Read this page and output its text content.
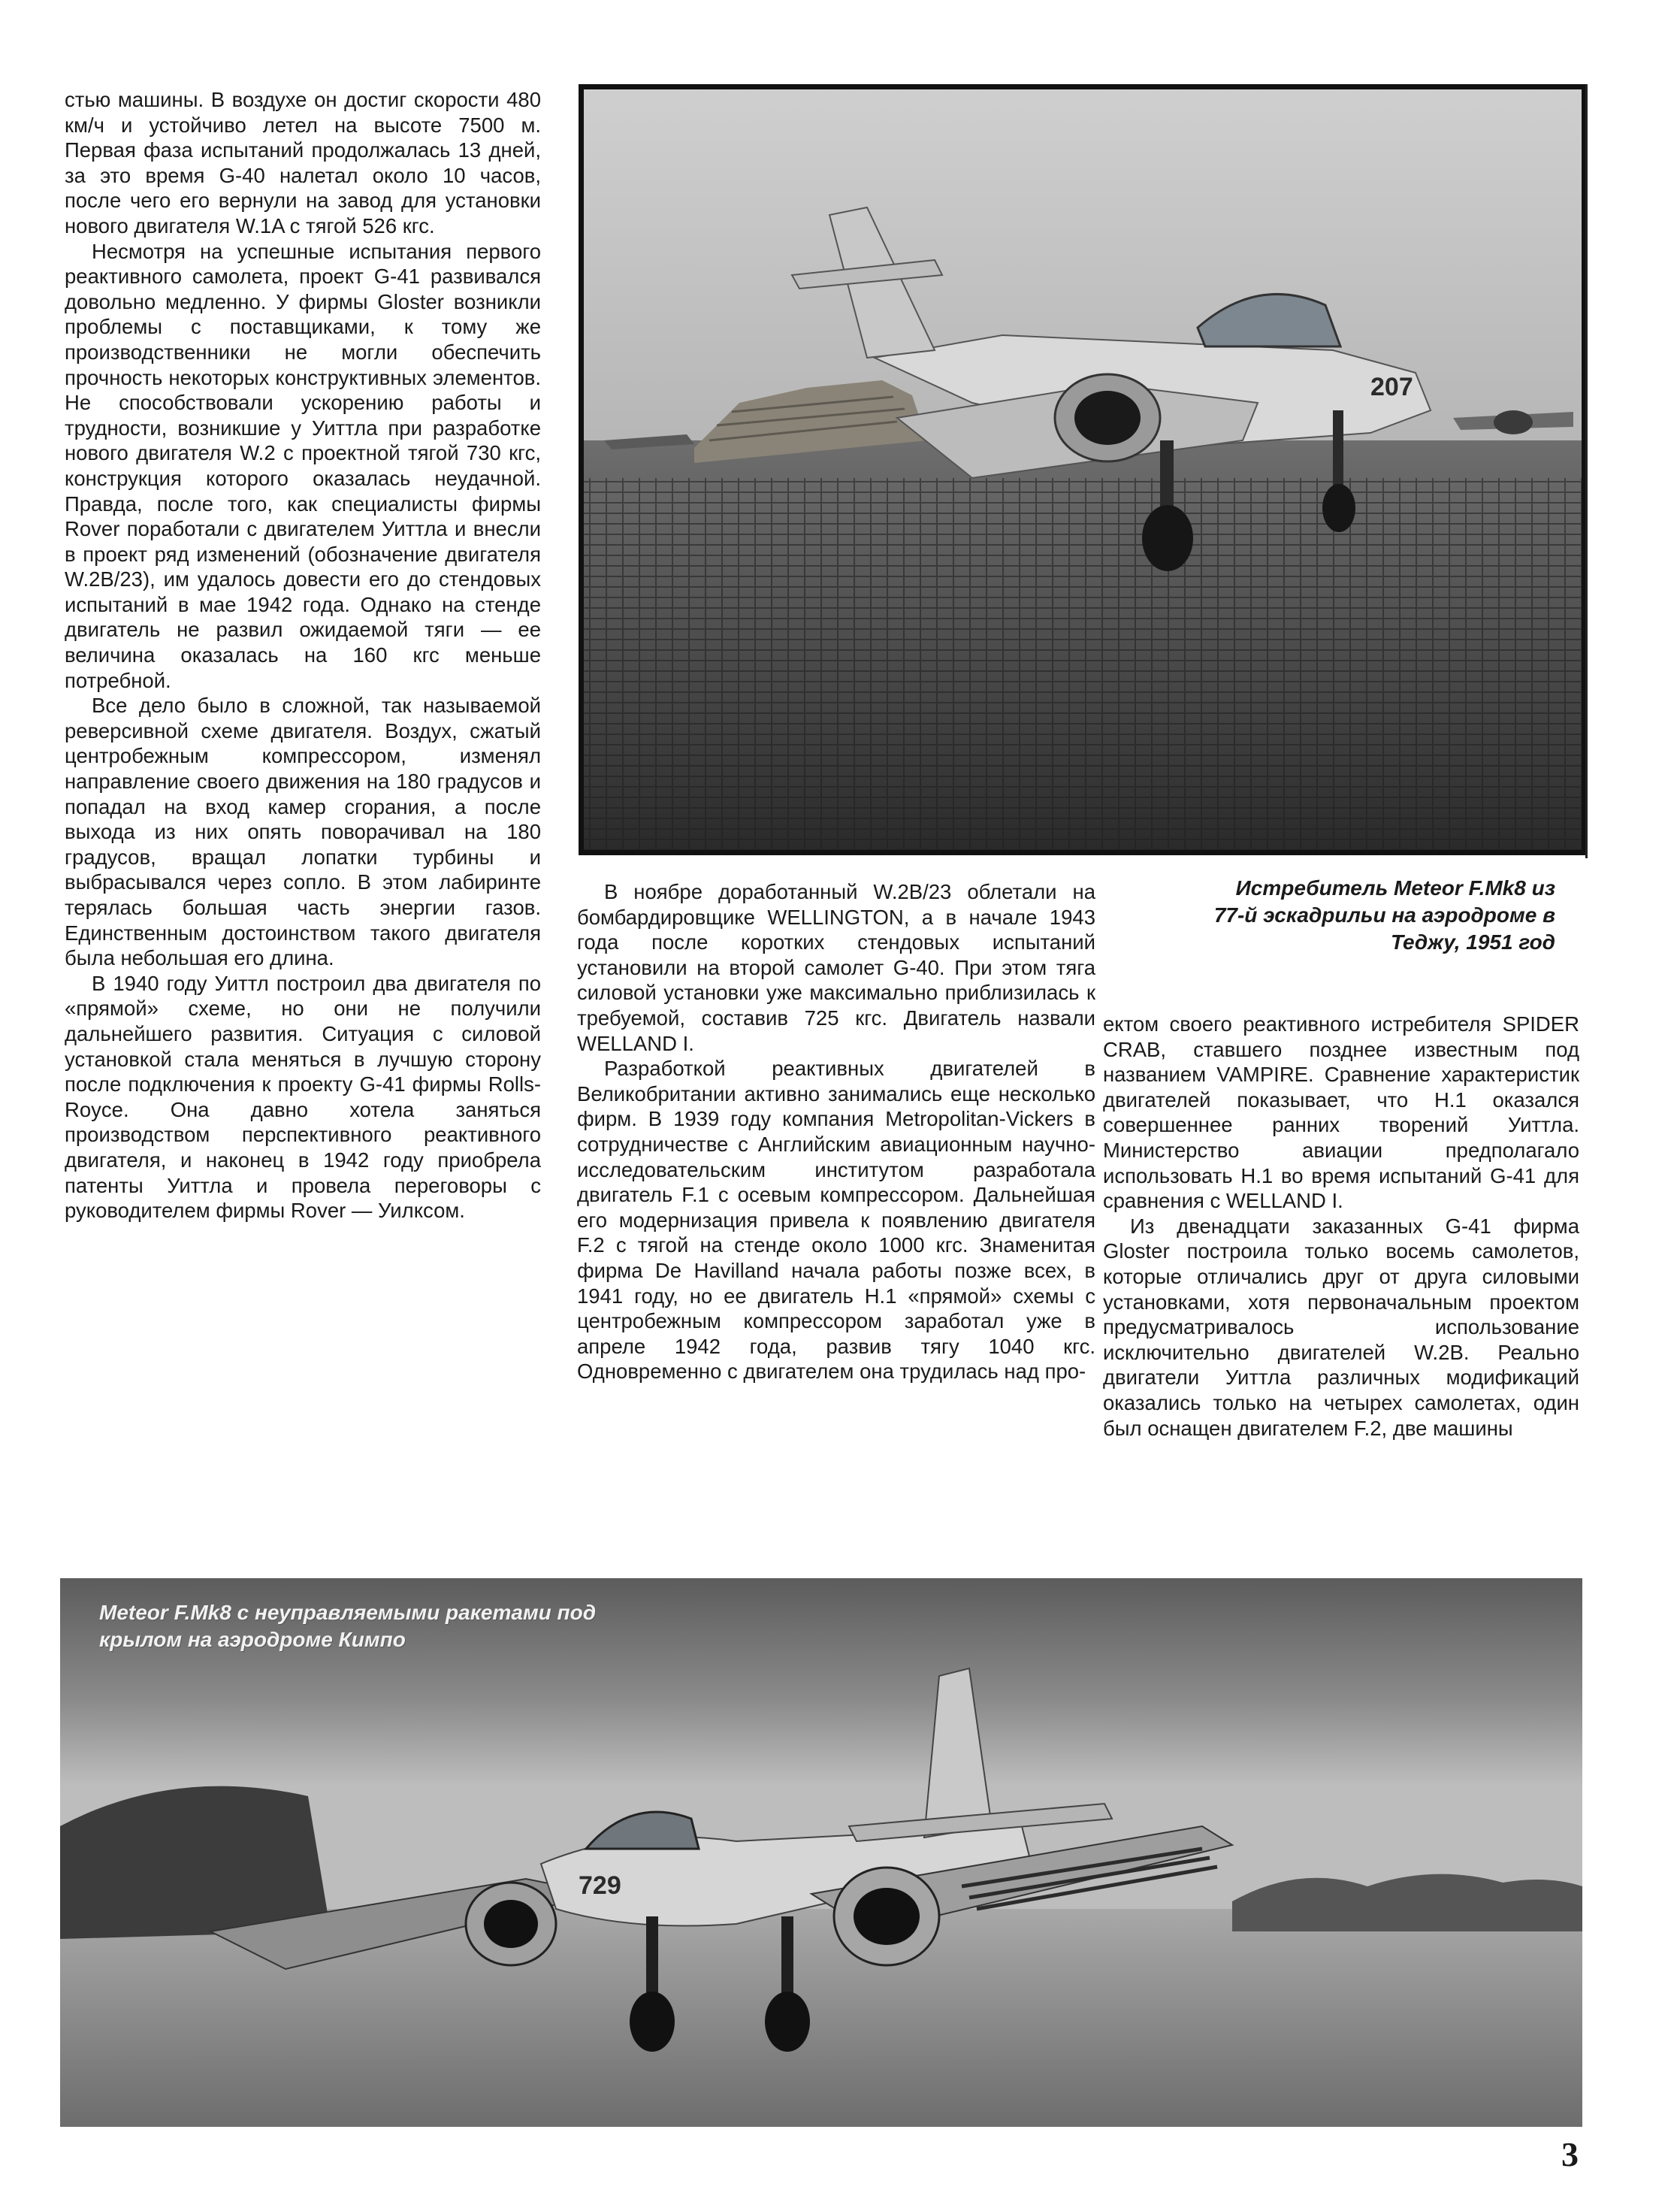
стью машины. В воздухе он достиг скорости 480 км/ч и устойчиво летел на высоте 7500 м. Первая фаза испытаний продолжалась 13 дней, за это время G-40 налетал около 10 часов, после чего его вернули на завод для установки нового двигателя W.1A с тягой 526 кгс.

Несмотря на успешные испытания первого реактивного самолета, проект G-41 развивался довольно медленно. У фирмы Gloster возникли проблемы с поставщиками, к тому же производственники не могли обеспечить прочность некоторых конструктивных элементов. Не способствовали ускорению работы и трудности, возникшие у Уиттла при разработке нового двигателя W.2 с проектной тягой 730 кгс, конструкция которого оказалась неудачной. Правда, после того, как специалисты фирмы Rover поработали с двигателем Уиттла и внесли в проект ряд изменений (обозначение двигателя W.2B/23), им удалось довести его до стендовых испытаний в мае 1942 года. Однако на стенде двигатель не развил ожидаемой тяги — ее величина оказалась на 160 кгс меньше потребной.

Все дело было в сложной, так называемой реверсивной схеме двигателя. Воздух, сжатый центробежным компрессором, изменял направление своего движения на 180 градусов и попадал на вход камер сгорания, а после выхода из них опять поворачивал на 180 градусов, вращал лопатки турбины и выбрасывался через сопло. В этом лабиринте терялась большая часть энергии газов. Единственным достоинством такого двигателя была небольшая его длина.

В 1940 году Уиттл построил два двигателя по «прямой» схеме, но они не получили дальнейшего развития. Ситуация с силовой установкой стала меняться в лучшую сторону после подключения к проекту G-41 фирмы Rolls-Royce. Она давно хотела заняться производством перспективного реактивного двигателя, и наконец в 1942 году приобрела патенты Уиттла и провела переговоры с руководителем фирмы Rover — Уилксом.

207
Истребитель Meteor F.Mk8 из 77-й эскадрильи на аэродроме в Теджу, 1951 год

В ноябре доработанный W.2B/23 облетали на бомбардировщике WELLINGTON, а в начале 1943 года после коротких стендовых испытаний установили на второй самолет G-40. При этом тяга силовой установки уже максимально приблизилась к требуемой, составив 725 кгс. Двигатель назвали WELLAND I.

Разработкой реактивных двигателей в Великобритании активно занимались еще несколько фирм. В 1939 году компания Metropolitan-Vickers в сотрудничестве с Английским авиационным научно-исследовательским институтом разработала двигатель F.1 с осевым компрессором. Дальнейшая его модернизация привела к появлению двигателя F.2 с тягой на стенде около 1000 кгс. Знаменитая фирма De Havilland начала работы позже всех, в 1941 году, но ее двигатель H.1 «прямой» схемы с центробежным компрессором заработал уже в апреле 1942 года, развив тягу 1040 кгс. Одновременно с двигателем она трудилась над про-

ектом своего реактивного истребителя SPIDER CRAB, ставшего позднее известным под названием VAMPIRE. Сравнение характеристик двигателей показывает, что H.1 оказался совершеннее ранних творений Уиттла. Министерство авиации предполагало использовать H.1 во время испытаний G-41 для сравнения с WELLAND I.

Из двенадцати заказанных G-41 фирма Gloster построила только восемь самолетов, которые отличались друг от друга силовыми установками, хотя первоначальным проектом предусматривалось использование исключительно двигателей W.2B. Реально двигатели Уиттла различных модификаций оказались только на четырех самолетах, один был оснащен двигателем F.2, две машины

729
Meteor F.Mk8 с неуправляемыми ракетами под крылом на аэродроме Кимпо
3
